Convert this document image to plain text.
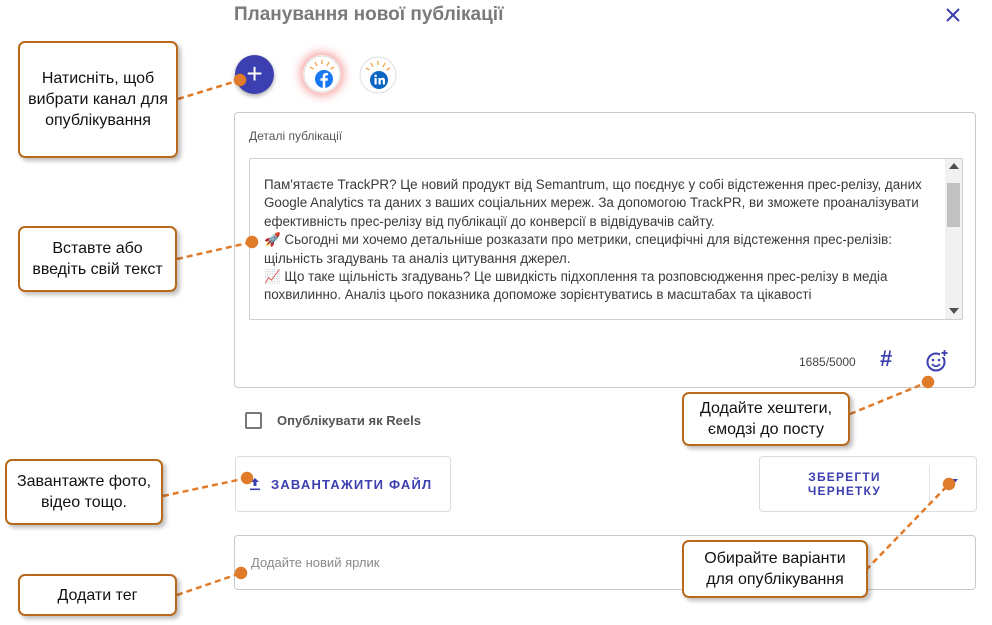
Планування нової публікації
+
Деталі публікації
Пам'ятаєте TrackPR? Це новий продукт від Semantrum, що поєднує у собі відстеження прес-релізу, даних Google Analytics та даних з ваших соціальних мереж. За допомогою TrackPR, ви зможете проаналізувати ефективність прес-релізу від публікації до конверсії в відвідувачів сайту.
🚀 Сьогодні ми хочемо детальніше розказати про метрики, специфічні для відстеження прес-релізів: щільність згадувань та аналіз цитування джерел.
📈 Що таке щільність згадувань? Це швидкість підхоплення та розповсюдження прес-релізу в медіа похвилинно. Аналіз цього показника допоможе зорієнтуватись в масштабах та цікавості
1685/5000 #
Опублікувати як Reels
ЗАВАНТАЖИТИ ФАЙЛ	ЗБЕРЕГТИ ЧЕРНЕТКУ
Додайте новий ярлик
Натисніть, щоб вибрати канал для опублікування
Вставте або введіть свій текст
Додайте хештеги, ємодзі до посту
Завантажте фото, відео тощо.
Додати тег
Обирайте варіанти для опублікування
